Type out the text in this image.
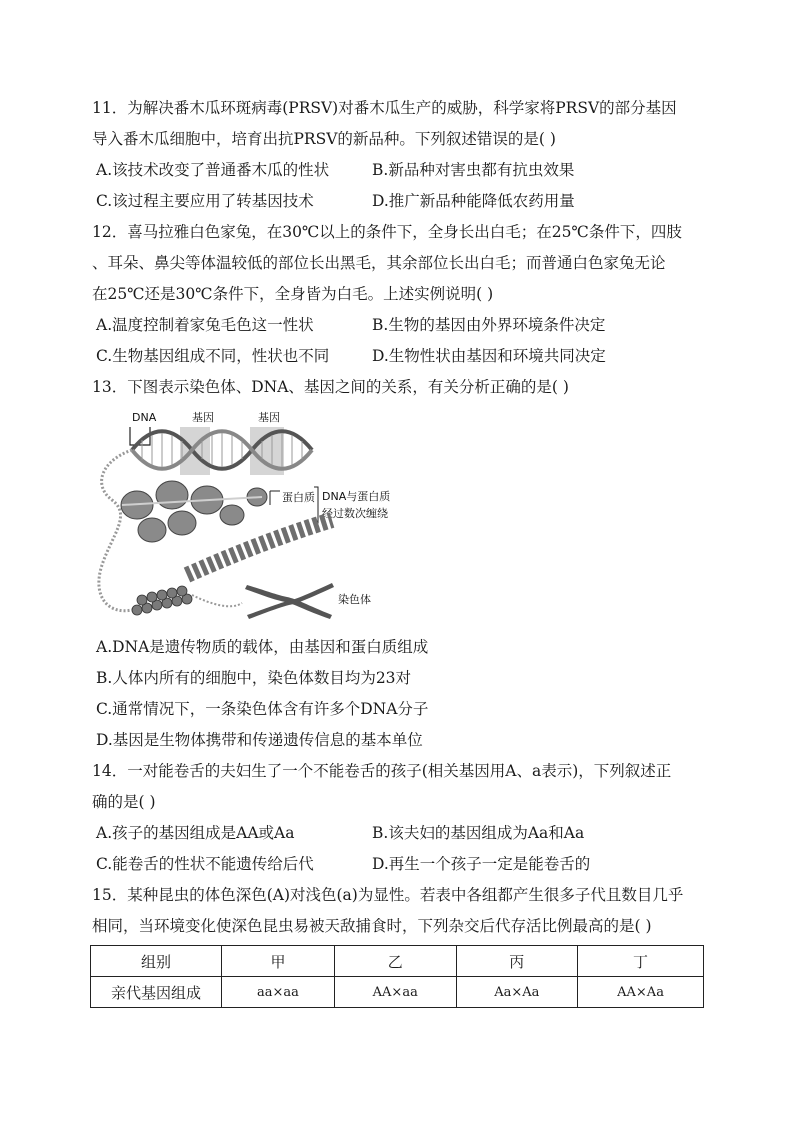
11．为解决番木瓜环斑病毒(PRSV)对番木瓜生产的威胁，科学家将PRSV的部分基因
导入番木瓜细胞中，培育出抗PRSV的新品种。下列叙述错误的是( )
A.该技术改变了普通番木瓜的性状	B.新品种对害虫都有抗虫效果
C.该过程主要应用了转基因技术	D.推广新品种能降低农药用量
12．喜马拉雅白色家兔，在30℃以上的条件下，全身长出白毛；在25℃条件下，四肢
、耳朵、鼻尖等体温较低的部位长出黑毛，其余部位长出白毛；而普通白色家兔无论
在25℃还是30℃条件下，全身皆为白毛。上述实例说明( )
A.温度控制着家兔毛色这一性状	B.生物的基因由外界环境条件决定
C.生物基因组成不同，性状也不同	D.生物性状由基因和环境共同决定
13．下图表示染色体、DNA、基因之间的关系，有关分析正确的是( )
蛋白质 DNA与蛋白质
经过数次缠绕
染色体
DNA	基因	基因
A.DNA是遗传物质的载体，由基因和蛋白质组成
B.人体内所有的细胞中，染色体数目均为23对
C.通常情况下，一条染色体含有许多个DNA分子
D.基因是生物体携带和传递遗传信息的基本单位
14．一对能卷舌的夫妇生了一个不能卷舌的孩子(相关基因用A、a表示)，下列叙述正
确的是( )
A.孩子的基因组成是AA或Aa	B.该夫妇的基因组成为Aa和Aa
C.能卷舌的性状不能遗传给后代	D.再生一个孩子一定是能卷舌的
15．某种昆虫的体色深色(A)对浅色(a)为显性。若表中各组都产生很多子代且数目几乎
相同，当环境变化使深色昆虫易被天敌捕食时，下列杂交后代存活比例最高的是( )
组别	甲	乙	丙	丁
亲代基因组成	aa×aa	AA×aa	Aa×Aa	AA×Aa
